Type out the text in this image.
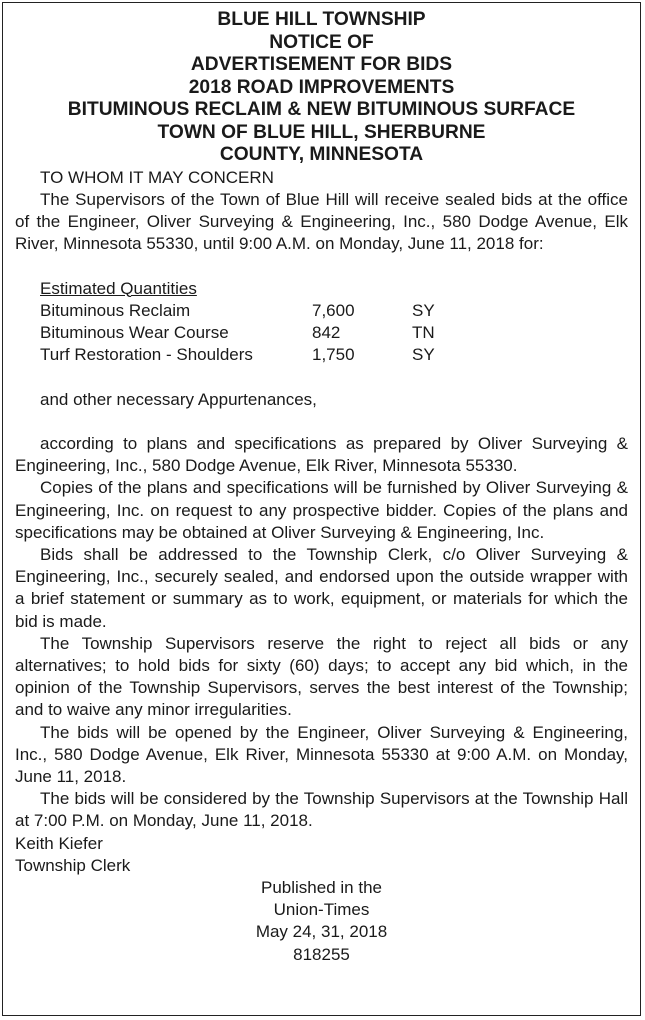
BLUE HILL TOWNSHIP
NOTICE OF
ADVERTISEMENT FOR BIDS
2018 ROAD IMPROVEMENTS
BITUMINOUS RECLAIM & NEW BITUMINOUS SURFACE
TOWN OF BLUE HILL, SHERBURNE
COUNTY, MINNESOTA

TO WHOM IT MAY CONCERN

The Supervisors of the Town of Blue Hill will receive sealed bids at the office of the Engineer, Oliver Surveying & Engineering, Inc., 580 Dodge Avenue, Elk River, Minnesota 55330, until 9:00 A.M. on Monday, June 11, 2018 for:

Estimated Quantities
Bituminous Reclaim	7,600	SY
Bituminous Wear Course	842	TN
Turf Restoration - Shoulders	1,750	SY
and other necessary Appurtenances,

according to plans and specifications as prepared by Oliver Surveying & Engineering, Inc., 580 Dodge Avenue, Elk River, Minnesota 55330.

Copies of the plans and specifications will be furnished by Oliver Surveying & Engineering, Inc. on request to any prospective bidder. Copies of the plans and specifications may be obtained at Oliver Surveying & Engineering, Inc.

Bids shall be addressed to the Township Clerk, c/o Oliver Surveying & Engineering, Inc., securely sealed, and endorsed upon the outside wrapper with a brief statement or summary as to work, equipment, or materials for which the bid is made.

The Township Supervisors reserve the right to reject all bids or any alternatives; to hold bids for sixty (60) days; to accept any bid which, in the opinion of the Township Supervisors, serves the best interest of the Township; and to waive any minor irregularities.

The bids will be opened by the Engineer, Oliver Surveying & Engineering, Inc., 580 Dodge Avenue, Elk River, Minnesota 55330 at 9:00 A.M. on Monday, June 11, 2018.

The bids will be considered by the Township Supervisors at the Township Hall at 7:00 P.M. on Monday, June 11, 2018.

Keith Kiefer
Township Clerk
Published in the
Union-Times
May 24, 31, 2018
818255
